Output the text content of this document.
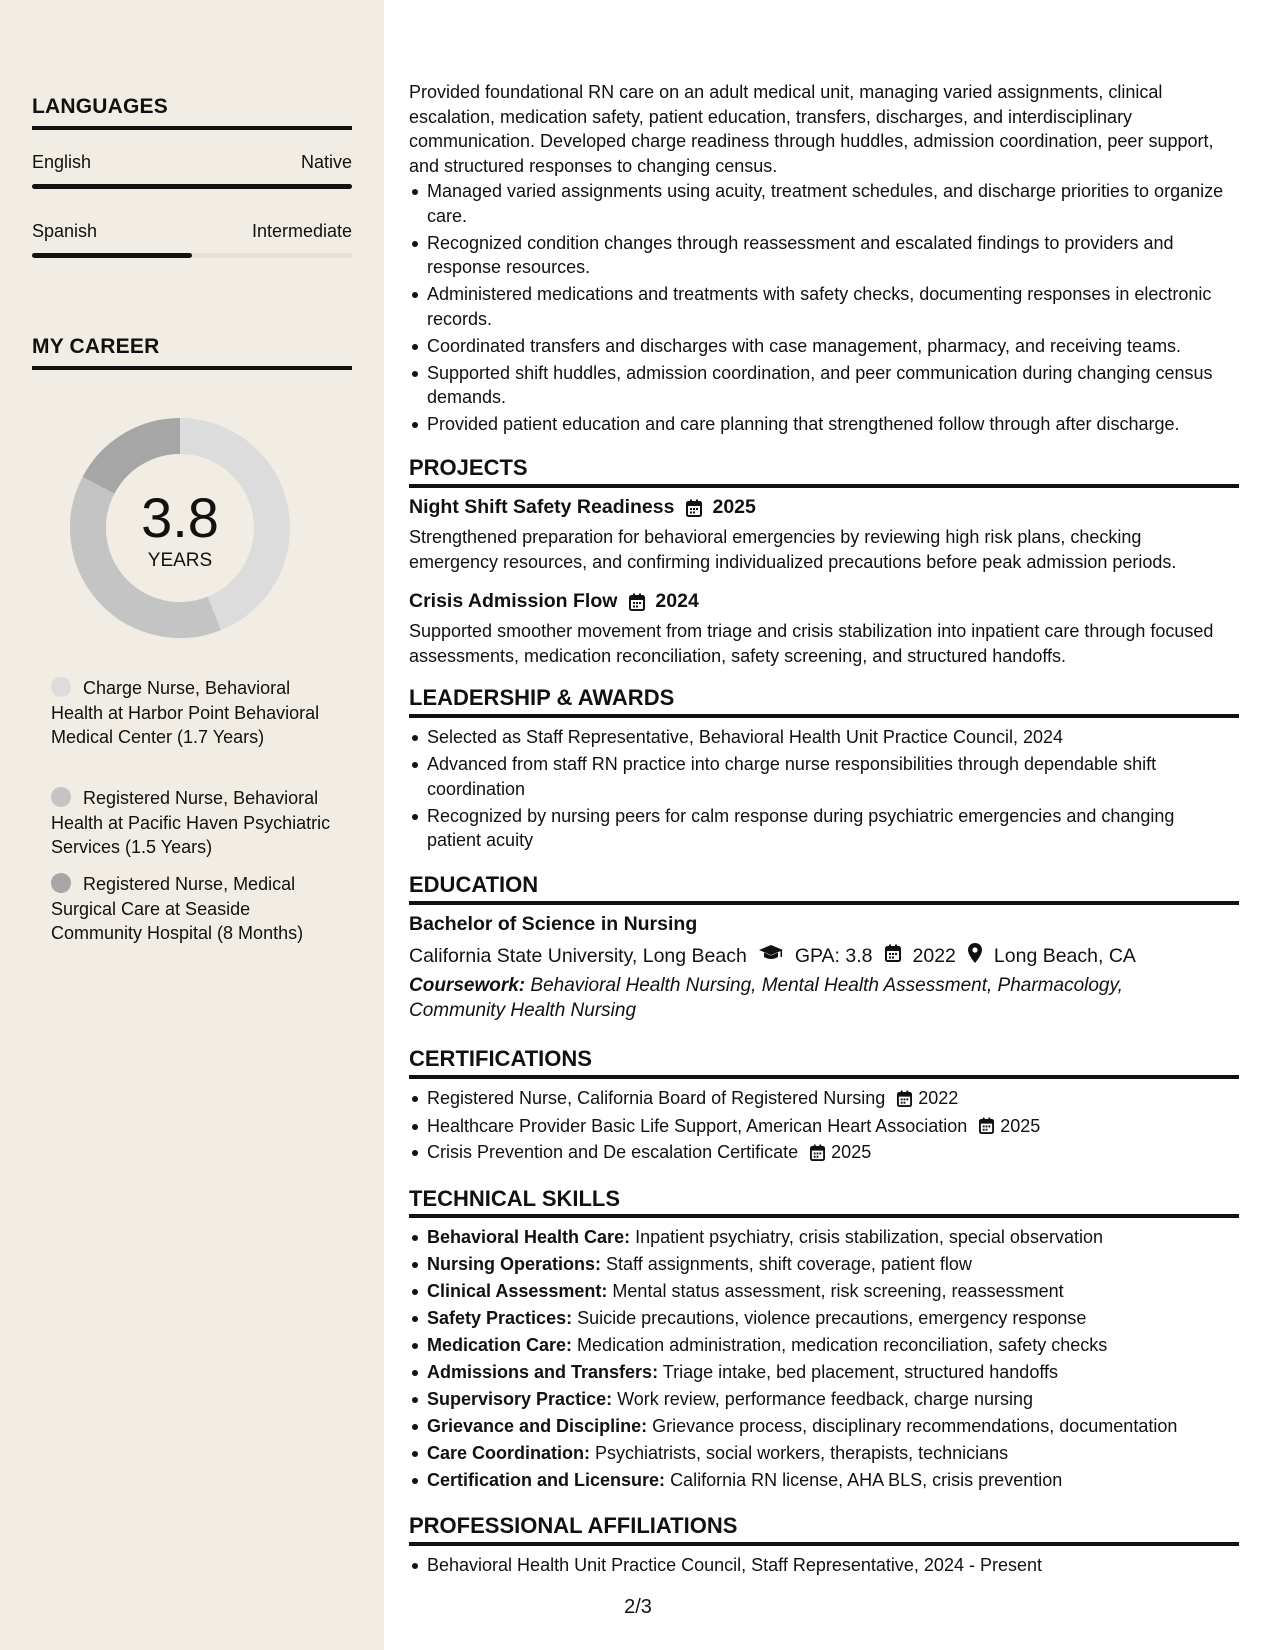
LANGUAGES
English	Native
Spanish	Intermediate
MY CAREER
3.8
YEARS
Charge Nurse, Behavioral Health at Harbor Point Behavioral Medical Center (1.7 Years)
Registered Nurse, Behavioral Health at Pacific Haven Psychiatric Services (1.5 Years)
Registered Nurse, Medical Surgical Care at Seaside Community Hospital (8 Months)
Provided foundational RN care on an adult medical unit, managing varied assignments, clinical escalation, medication safety, patient education, transfers, discharges, and interdisciplinary communication. Developed charge readiness through huddles, admission coordination, peer support, and structured responses to changing census.
Managed varied assignments using acuity, treatment schedules, and discharge priorities to organize care.
Recognized condition changes through reassessment and escalated findings to providers and response resources.
Administered medications and treatments with safety checks, documenting responses in electronic records.
Coordinated transfers and discharges with case management, pharmacy, and receiving teams.
Supported shift huddles, admission coordination, and peer communication during changing census demands.
Provided patient education and care planning that strengthened follow through after discharge.
PROJECTS
Night Shift Safety Readiness 2025
Strengthened preparation for behavioral emergencies by reviewing high risk plans, checking emergency resources, and confirming individualized precautions before peak admission periods.
Crisis Admission Flow 2024
Supported smoother movement from triage and crisis stabilization into inpatient care through focused assessments, medication reconciliation, safety screening, and structured handoffs.
LEADERSHIP & AWARDS
Selected as Staff Representative, Behavioral Health Unit Practice Council, 2024
Advanced from staff RN practice into charge nurse responsibilities through dependable shift coordination
Recognized by nursing peers for calm response during psychiatric emergencies and changing patient acuity
EDUCATION
Bachelor of Science in Nursing
California State University, Long Beach GPA: 3.8 2022 Long Beach, CA
Coursework: Behavioral Health Nursing, Mental Health Assessment, Pharmacology, Community Health Nursing
CERTIFICATIONS
Registered Nurse, California Board of Registered Nursing 2022
Healthcare Provider Basic Life Support, American Heart Association 2025
Crisis Prevention and De escalation Certificate 2025
TECHNICAL SKILLS
Behavioral Health Care: Inpatient psychiatry, crisis stabilization, special observation
Nursing Operations: Staff assignments, shift coverage, patient flow
Clinical Assessment: Mental status assessment, risk screening, reassessment
Safety Practices: Suicide precautions, violence precautions, emergency response
Medication Care: Medication administration, medication reconciliation, safety checks
Admissions and Transfers: Triage intake, bed placement, structured handoffs
Supervisory Practice: Work review, performance feedback, charge nursing
Grievance and Discipline: Grievance process, disciplinary recommendations, documentation
Care Coordination: Psychiatrists, social workers, therapists, technicians
Certification and Licensure: California RN license, AHA BLS, crisis prevention
PROFESSIONAL AFFILIATIONS
Behavioral Health Unit Practice Council, Staff Representative, 2024 - Present
2/3
